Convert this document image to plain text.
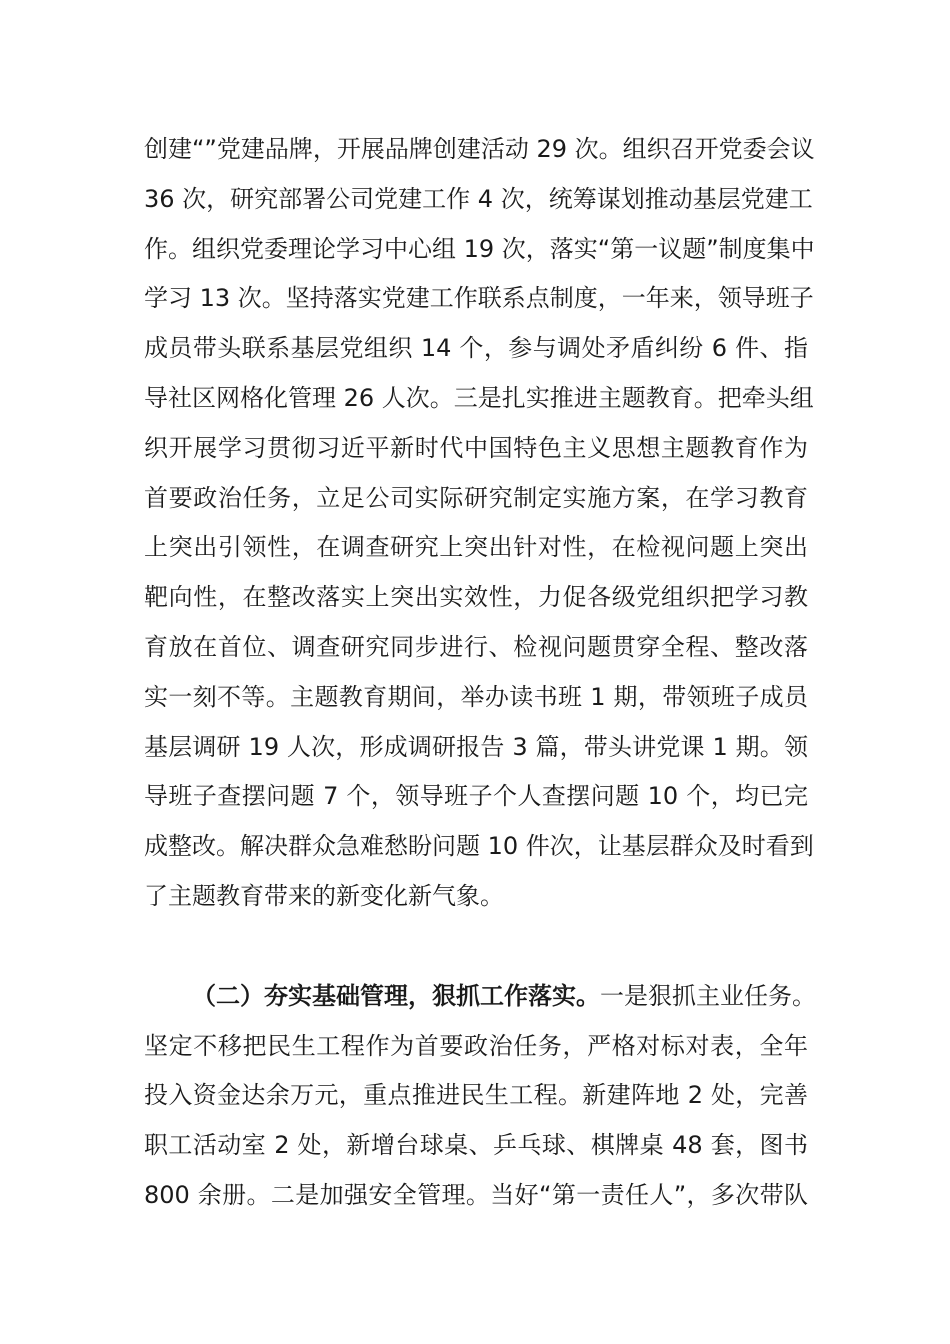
创建“”党建品牌，开展品牌创建活动 29 次。组织召开党委会议
36 次，研究部署公司党建工作 4 次，统筹谋划推动基层党建工
作。组织党委理论学习中心组 19 次，落实“第一议题”制度集中
学习 13 次。坚持落实党建工作联系点制度，一年来，领导班子
成员带头联系基层党组织 14 个，参与调处矛盾纠纷 6 件、指
导社区网格化管理 26 人次。三是扎实推进主题教育。把牵头组
织开展学习贯彻习近平新时代中国特色主义思想主题教育作为
首要政治任务，立足公司实际研究制定实施方案，在学习教育
上突出引领性，在调查研究上突出针对性，在检视问题上突出
靶向性，在整改落实上突出实效性，力促各级党组织把学习教
育放在首位、调查研究同步进行、检视问题贯穿全程、整改落
实一刻不等。主题教育期间，举办读书班 1 期，带领班子成员
基层调研 19 人次，形成调研报告 3 篇，带头讲党课 1 期。领
导班子查摆问题 7 个，领导班子个人查摆问题 10 个，均已完
成整改。解决群众急难愁盼问题 10 件次，让基层群众及时看到
了主题教育带来的新变化新气象。
（二）夯实基础管理，狠抓工作落实。一是狠抓主业任务。
坚定不移把民生工程作为首要政治任务，严格对标对表，全年
投入资金达余万元，重点推进民生工程。新建阵地 2 处，完善
职工活动室 2 处，新增台球桌、乒乓球、棋牌桌 48 套，图书
800 余册。二是加强安全管理。当好“第一责任人”，多次带队
